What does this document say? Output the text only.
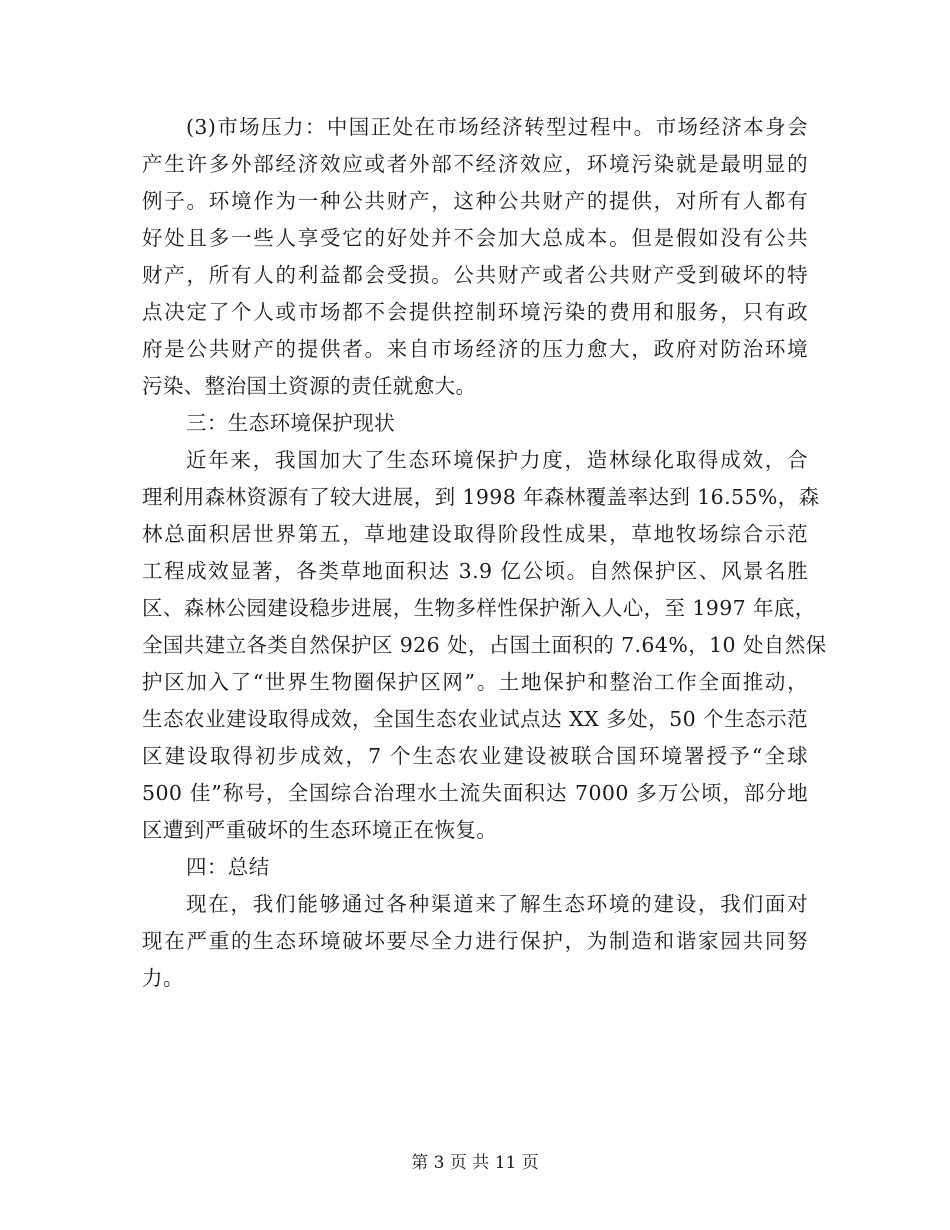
(3)市场压力：中国正处在市场经济转型过程中。市场经济本身会
产生许多外部经济效应或者外部不经济效应，环境污染就是最明显的
例子。环境作为一种公共财产，这种公共财产的提供，对所有人都有
好处且多一些人享受它的好处并不会加大总成本。但是假如没有公共
财产，所有人的利益都会受损。公共财产或者公共财产受到破坏的特
点决定了个人或市场都不会提供控制环境污染的费用和服务，只有政
府是公共财产的提供者。来自市场经济的压力愈大，政府对防治环境
污染、整治国土资源的责任就愈大。
三：生态环境保护现状
近年来，我国加大了生态环境保护力度，造林绿化取得成效，合
理利用森林资源有了较大进展，到 1998 年森林覆盖率达到 16.55%，森
林总面积居世界第五，草地建设取得阶段性成果，草地牧场综合示范
工程成效显著，各类草地面积达 3.9 亿公顷。自然保护区、风景名胜
区、森林公园建设稳步进展，生物多样性保护渐入人心，至 1997 年底，
全国共建立各类自然保护区 926 处，占国土面积的 7.64%，10 处自然保
护区加入了“世界生物圈保护区网”。土地保护和整治工作全面推动，
生态农业建设取得成效，全国生态农业试点达 XX 多处，50 个生态示范
区建设取得初步成效，7 个生态农业建设被联合国环境署授予“全球
500 佳”称号，全国综合治理水土流失面积达 7000 多万公顷，部分地
区遭到严重破坏的生态环境正在恢复。
四：总结
现在，我们能够通过各种渠道来了解生态环境的建设，我们面对
现在严重的生态环境破坏要尽全力进行保护，为制造和谐家园共同努
力。
第 3 页 共 11 页
